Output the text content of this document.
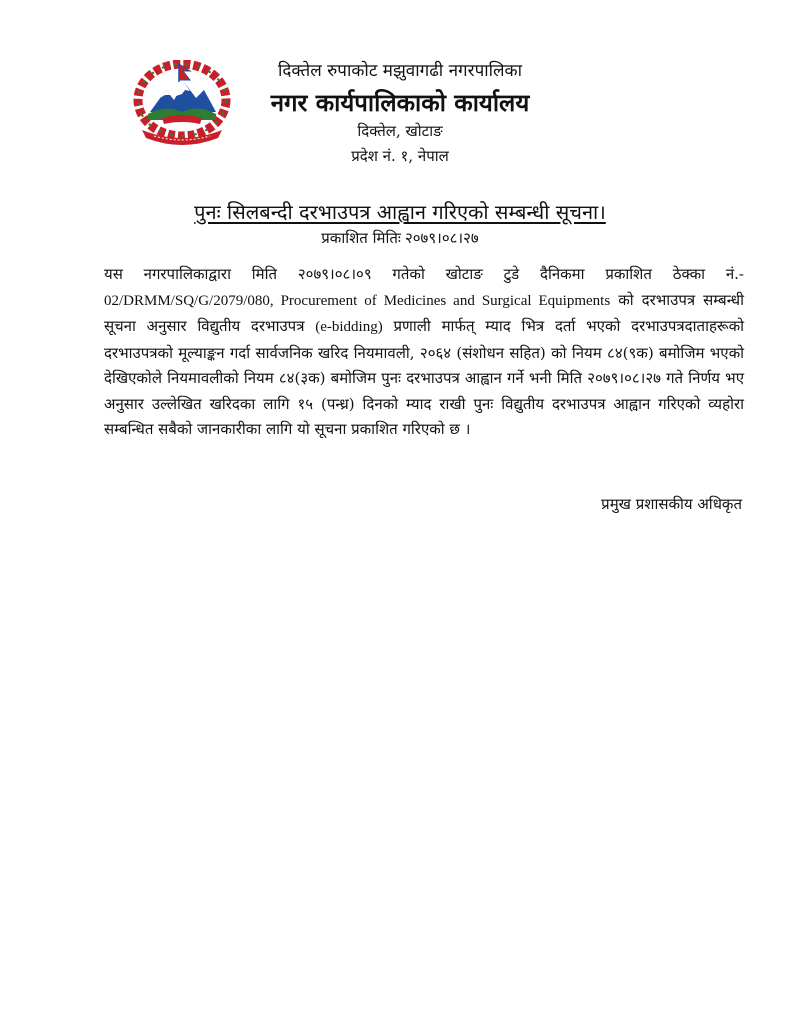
दिक्तेल रुपाकोट मझुवागढी नगरपालिका
नगर कार्यपालिकाको कार्यालय
दिक्तेल, खोटाङ
प्रदेश नं. १, नेपाल
पुनः सिलबन्दी दरभाउपत्र आह्वान गरिएको सम्बन्धी सूचना।
प्रकाशित मितिः २०७९।०८।२७
यस नगरपालिकाद्वारा मिति २०७९।०८।०९ गतेको खोटाङ टुडे दैनिकमा प्रकाशित ठेक्का नं.- 02/DRMM/SQ/G/2079/080, Procurement of Medicines and Surgical Equipments को दरभाउपत्र सम्बन्धी सूचना अनुसार विद्युतीय दरभाउपत्र (e-bidding) प्रणाली मार्फत् म्याद भित्र दर्ता भएको दरभाउपत्रदाताहरूको दरभाउपत्रको मूल्याङ्कन गर्दा सार्वजनिक खरिद नियमावली, २०६४ (संशोधन सहित) को नियम ८४(९क) बमोजिम भएको देखिएकोले नियमावलीको नियम ८४(३क) बमोजिम पुनः दरभाउपत्र आह्वान गर्ने भनी मिति २०७९।०८।२७ गते निर्णय भए अनुसार उल्लेखित खरिदका लागि १५ (पन्ध्र) दिनको म्याद राखी पुनः विद्युतीय दरभाउपत्र आह्वान गरिएको व्यहोरा सम्बन्धित सबैको जानकारीका लागि यो सूचना प्रकाशित गरिएको छ ।
प्रमुख प्रशासकीय अधिकृत
